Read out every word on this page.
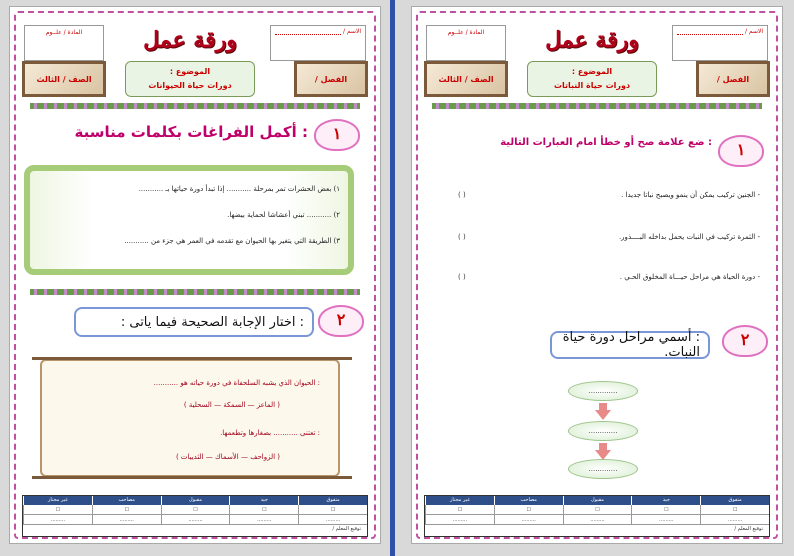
الاسم /
ورقة عمل
المادة / علــوم
الفصل /
الموضوع :
دورات حياة الحيوانات
الصف / الثالث
١
: أكمل الفراغات بكلمات مناسبة
١) بعض الحشرات تمر بمرحلة ........... إذا تبدأ دورة حياتها بـ ...........
٢) ........... تبني أعشاشا لحماية بيضها.
٣) الطريقة التي يتغير بها الحيوان مع تقدمه في العمر هي جزء من ...........
٢
: اختار الإجابة الصحيحة فيما ياتى :
: الحيوان الذي يشبه السلحفاة في دورة حياته هو ...........
( الماعز — السمكة — السحلية )
: تعتنى ........... بصغارها وتطعمها.
( الزواحف — الأسماك — الثدييات )
متفوق
جيد
مقبول
مصاحب
غير مجتاز
☐
☐
☐
☐
☐
.........
.........
.........
.........
.........
توقيع المعلم /
الاسم /
ورقة عمل
المادة / علــوم
الفصل /
الموضوع :
دورات حياة النباتات
الصف / الثالث
١
: ضع علامة صح أو خطأ امام العبارات التالية
- الجنين تركيب يمكن أن ينمو ويصبح نباتا جديدا .
( )
- الثمرة تركيب في النبات يحمل بداخله البــــذور.
( )
- دورة الحياة هي مراحل حيـــاة المخلوق الحـي .
( )
٢
: أسمي مراحل دورة حياة النبات.
.............
.............
.............
متفوق
جيد
مقبول
مصاحب
غير مجتاز
☐
☐
☐
☐
☐
.........
.........
.........
.........
.........
توقيع المعلم /
